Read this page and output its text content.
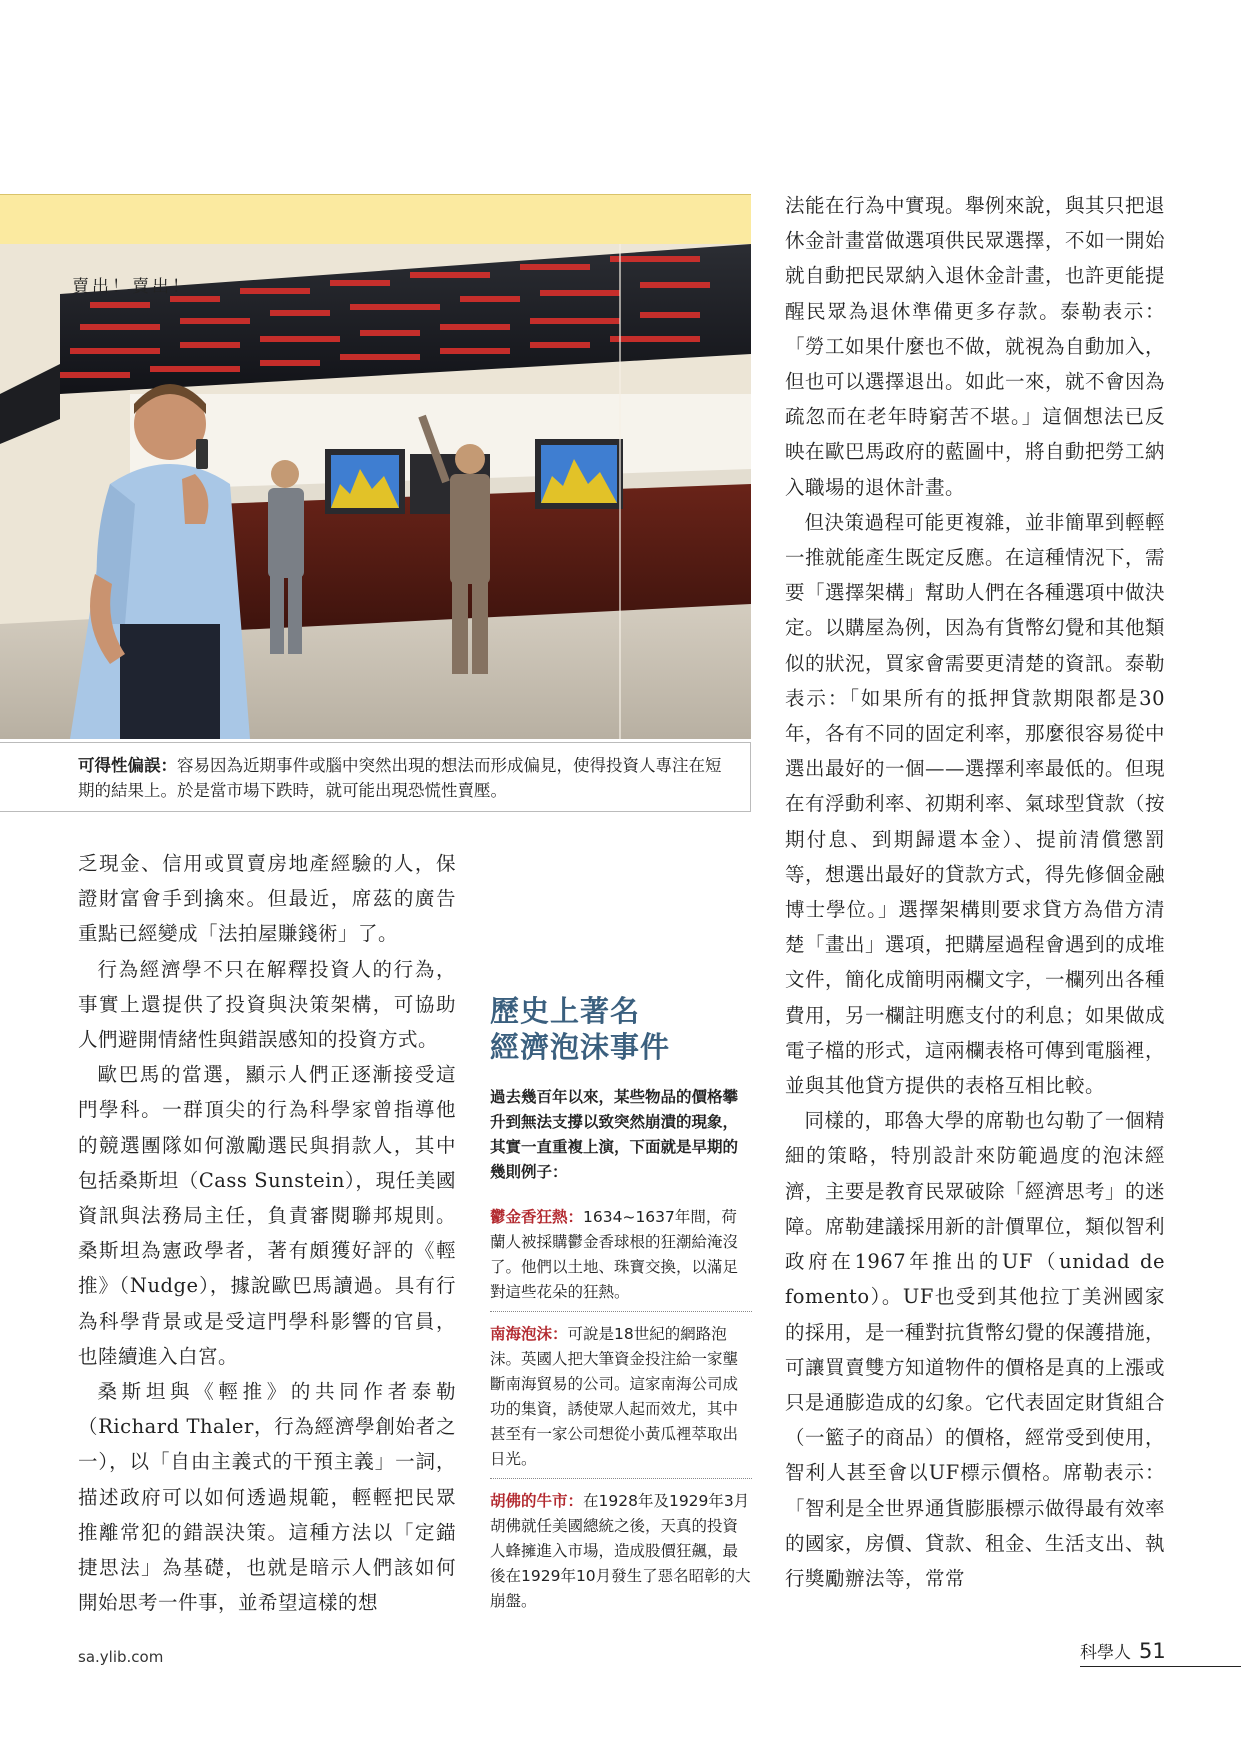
賣出！賣出！
可得性偏誤：容易因為近期事件或腦中突然出現的想法而形成偏見，使得投資人專注在短期的結果上。於是當市場下跌時，就可能出現恐慌性賣壓。

乏現金、信用或買賣房地產經驗的人，保證財富會手到擒來。但最近，席茲的廣告重點已經變成「法拍屋賺錢術」了。

行為經濟學不只在解釋投資人的行為，事實上還提供了投資與決策架構，可協助人們避開情緒性與錯誤感知的投資方式。

歐巴馬的當選，顯示人們正逐漸接受這門學科。一群頂尖的行為科學家曾指導他的競選團隊如何激勵選民與捐款人，其中包括桑斯坦（Cass Sunstein），現任美國資訊與法務局主任，負責審閱聯邦規則。桑斯坦為憲政學者，著有頗獲好評的《輕推》（Nudge），據說歐巴馬讀過。具有行為科學背景或是受這門學科影響的官員，也陸續進入白宮。

桑斯坦與《輕推》的共同作者泰勒（Richard Thaler，行為經濟學創始者之一），以「自由主義式的干預主義」一詞，描述政府可以如何透過規範，輕輕把民眾推離常犯的錯誤決策。這種方法以「定錨捷思法」為基礎，也就是暗示人們該如何開始思考一件事，並希望這樣的想

歷史上著名
經濟泡沫事件

過去幾百年以來，某些物品的價格攀升到無法支撐以致突然崩潰的現象，其實一直重複上演，下面就是早期的幾則例子：

鬱金香狂熱：1634~1637年間，荷蘭人被採購鬱金香球根的狂潮給淹沒了。他們以土地、珠寶交換，以滿足對這些花朵的狂熱。
南海泡沫：可說是18世紀的網路泡沫。英國人把大筆資金投注給一家壟斷南海貿易的公司。這家南海公司成功的集資，誘使眾人起而效尤，其中甚至有一家公司想從小黃瓜裡萃取出日光。
胡佛的牛市：在1928年及1929年3月胡佛就任美國總統之後，天真的投資人蜂擁進入市場，造成股價狂飆，最後在1929年10月發生了惡名昭彰的大崩盤。

法能在行為中實現。舉例來說，與其只把退休金計畫當做選項供民眾選擇，不如一開始就自動把民眾納入退休金計畫，也許更能提醒民眾為退休準備更多存款。泰勒表示：「勞工如果什麼也不做，就視為自動加入，但也可以選擇退出。如此一來，就不會因為疏忽而在老年時窮苦不堪。」這個想法已反映在歐巴馬政府的藍圖中，將自動把勞工納入職場的退休計畫。

但決策過程可能更複雜，並非簡單到輕輕一推就能產生既定反應。在這種情況下，需要「選擇架構」幫助人們在各種選項中做決定。以購屋為例，因為有貨幣幻覺和其他類似的狀況，買家會需要更清楚的資訊。泰勒表示：「如果所有的抵押貸款期限都是30年，各有不同的固定利率，那麼很容易從中選出最好的一個——選擇利率最低的。但現在有浮動利率、初期利率、氣球型貸款（按期付息、到期歸還本金）、提前清償懲罰等，想選出最好的貸款方式，得先修個金融博士學位。」選擇架構則要求貸方為借方清楚「畫出」選項，把購屋過程會遇到的成堆文件，簡化成簡明兩欄文字，一欄列出各種費用，另一欄註明應支付的利息；如果做成電子檔的形式，這兩欄表格可傳到電腦裡，並與其他貸方提供的表格互相比較。

同樣的，耶魯大學的席勒也勾勒了一個精細的策略，特別設計來防範過度的泡沫經濟，主要是教育民眾破除「經濟思考」的迷障。席勒建議採用新的計價單位，類似智利政府在1967年推出的UF（unidad de fomento）。UF也受到其他拉丁美洲國家的採用，是一種對抗貨幣幻覺的保護措施，可讓買賣雙方知道物件的價格是真的上漲或只是通膨造成的幻象。它代表固定財貨組合（一籃子的商品）的價格，經常受到使用，智利人甚至會以UF標示價格。席勒表示：「智利是全世界通貨膨脹標示做得最有效率的國家，房價、貸款、租金、生活支出、執行獎勵辦法等，常常

sa.ylib.com	科學人 51
